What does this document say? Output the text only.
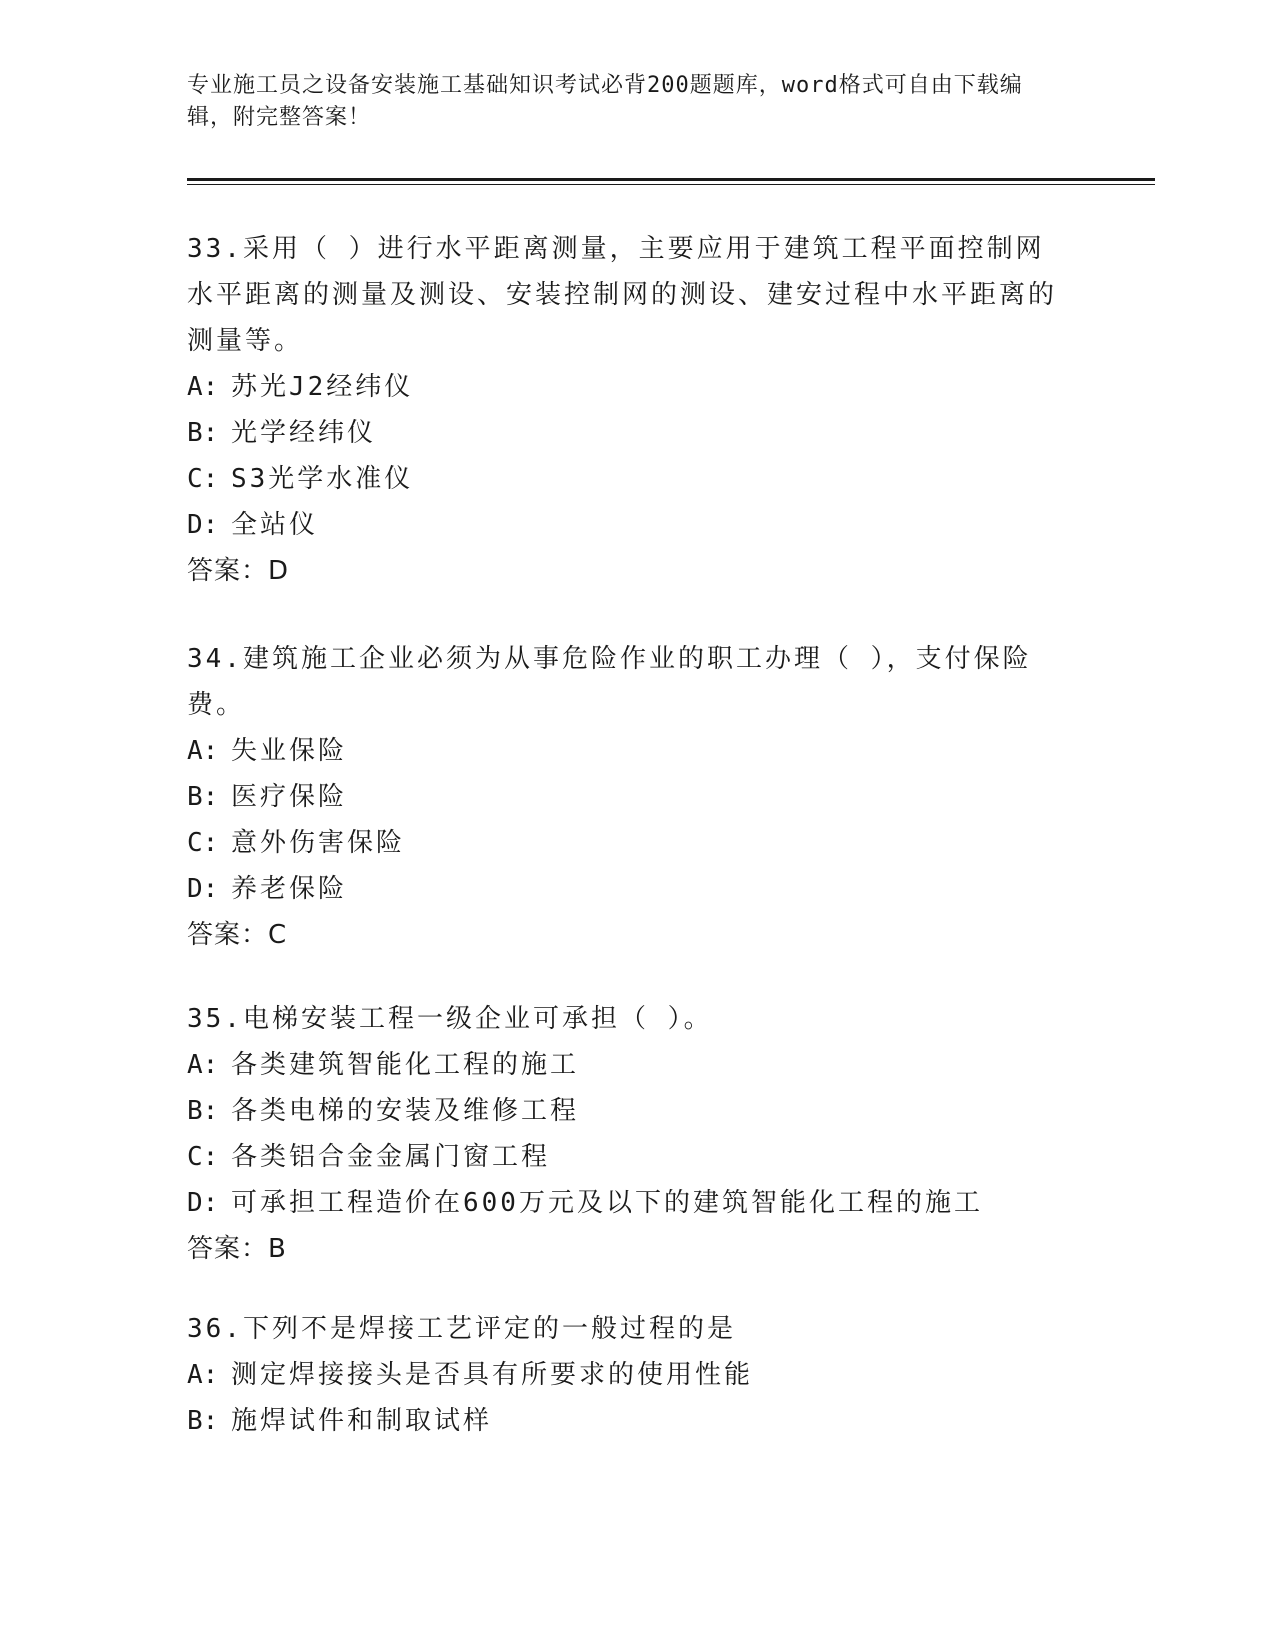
专业施工员之设备安装施工基础知识考试必背200题题库，word格式可自由下载编辑，附完整答案！

33.采用（ ）进行水平距离测量，主要应用于建筑工程平面控制网水平距离的测量及测设、安装控制网的测设、建安过程中水平距离的测量等。

A: 苏光J2经纬仪

B: 光学经纬仪

C: S3光学水准仪

D: 全站仪

答案：D

34.建筑施工企业必须为从事危险作业的职工办理（ ），支付保险费。

A: 失业保险

B: 医疗保险

C: 意外伤害保险

D: 养老保险

答案：C

35.电梯安装工程一级企业可承担（ ）。

A: 各类建筑智能化工程的施工

B: 各类电梯的安装及维修工程

C: 各类铝合金金属门窗工程

D: 可承担工程造价在600万元及以下的建筑智能化工程的施工

答案：B

36.下列不是焊接工艺评定的一般过程的是

A: 测定焊接接头是否具有所要求的使用性能

B: 施焊试件和制取试样
